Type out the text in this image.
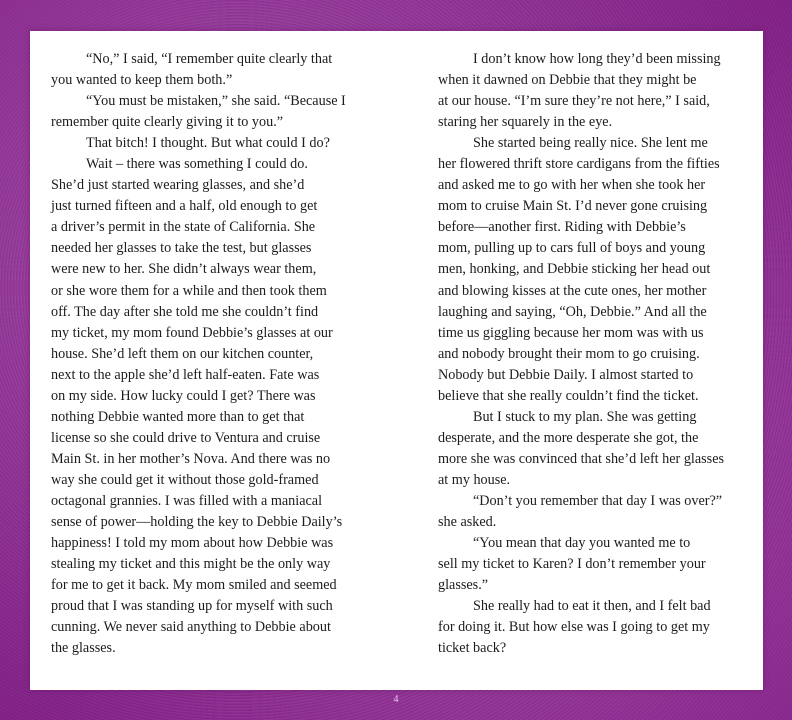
“No,” I said, “I remember quite clearly that
you wanted to keep them both.”
“You must be mistaken,” she said. “Because I
remember quite clearly giving it to you.”
That bitch! I thought. But what could I do?
Wait – there was something I could do.
She’d just started wearing glasses, and she’d
just turned fifteen and a half, old enough to get
a driver’s permit in the state of California. She
needed her glasses to take the test, but glasses
were new to her. She didn’t always wear them,
or she wore them for a while and then took them
off. The day after she told me she couldn’t find
my ticket, my mom found Debbie’s glasses at our
house. She’d left them on our kitchen counter,
next to the apple she’d left half-eaten. Fate was
on my side. How lucky could I get? There was
nothing Debbie wanted more than to get that
license so she could drive to Ventura and cruise
Main St. in her mother’s Nova. And there was no
way she could get it without those gold-framed
octagonal grannies. I was filled with a maniacal
sense of power—holding the key to Debbie Daily’s
happiness! I told my mom about how Debbie was
stealing my ticket and this might be the only way
for me to get it back. My mom smiled and seemed
proud that I was standing up for myself with such
cunning. We never said anything to Debbie about
the glasses.
I don’t know how long they’d been missing
when it dawned on Debbie that they might be
at our house. “I’m sure they’re not here,” I said,
staring her squarely in the eye.
She started being really nice. She lent me
her flowered thrift store cardigans from the fifties
and asked me to go with her when she took her
mom to cruise Main St. I’d never gone cruising
before—another first. Riding with Debbie’s
mom, pulling up to cars full of boys and young
men, honking, and Debbie sticking her head out
and blowing kisses at the cute ones, her mother
laughing and saying, “Oh, Debbie.” And all the
time us giggling because her mom was with us
and nobody brought their mom to go cruising.
Nobody but Debbie Daily. I almost started to
believe that she really couldn’t find the ticket.
But I stuck to my plan. She was getting
desperate, and the more desperate she got, the
more she was convinced that she’d left her glasses
at my house.
“Don’t you remember that day I was over?”
she asked.
“You mean that day you wanted me to
sell my ticket to Karen? I don’t remember your
glasses.”
She really had to eat it then, and I felt bad
for doing it. But how else was I going to get my
ticket back?
4
